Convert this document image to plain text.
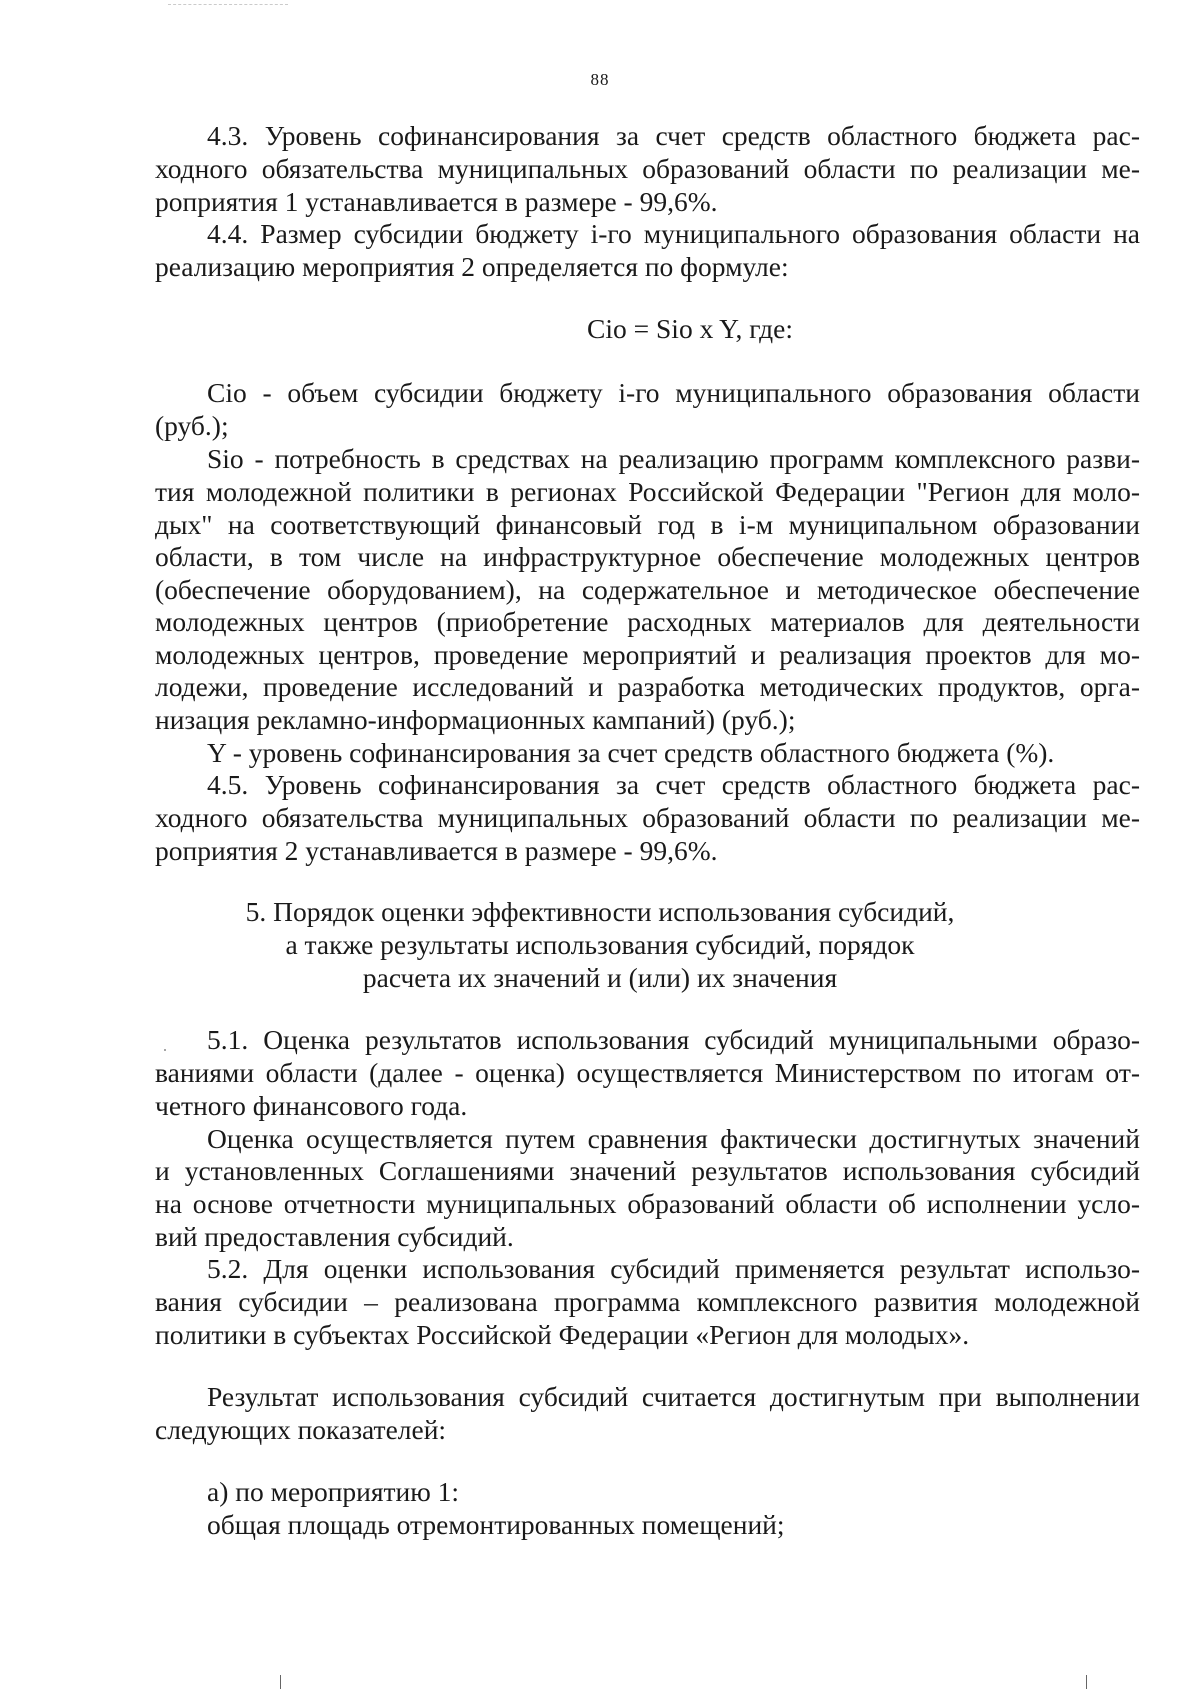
88
4.3. Уровень софинансирования за счет средств областного бюджета рас-
ходного обязательства муниципальных образований области по реализации ме-
роприятия 1 устанавливается в размере - 99,6%.
4.4. Размер субсидии бюджету i-го муниципального образования области на
реализацию мероприятия 2 определяется по формуле:
Cio = Sio x Y, где:
Cio - объем субсидии бюджету i-го муниципального образования области
(руб.);
Sio - потребность в средствах на реализацию программ комплексного разви-
тия молодежной политики в регионах Российской Федерации "Регион для моло-
дых" на соответствующий финансовый год в i-м муниципальном образовании
области, в том числе на инфраструктурное обеспечение молодежных центров
(обеспечение оборудованием), на содержательное и методическое обеспечение
молодежных центров (приобретение расходных материалов для деятельности
молодежных центров, проведение мероприятий и реализация проектов для мо-
лодежи, проведение исследований и разработка методических продуктов, орга-
низация рекламно-информационных кампаний) (руб.);
Y - уровень софинансирования за счет средств областного бюджета (%).
4.5. Уровень софинансирования за счет средств областного бюджета рас-
ходного обязательства муниципальных образований области по реализации ме-
роприятия 2 устанавливается в размере - 99,6%.
5. Порядок оценки эффективности использования субсидий,
а также результаты использования субсидий, порядок
расчета их значений и (или) их значения
5.1. Оценка результатов использования субсидий муниципальными образо-
ваниями области (далее - оценка) осуществляется Министерством по итогам от-
четного финансового года.
Оценка осуществляется путем сравнения фактически достигнутых значений
и установленных Соглашениями значений результатов использования субсидий
на основе отчетности муниципальных образований области об исполнении усло-
вий предоставления субсидий.
5.2. Для оценки использования субсидий применяется результат использо-
вания субсидии – реализована программа комплексного развития молодежной
политики в субъектах Российской Федерации «Регион для молодых».
Результат использования субсидий считается достигнутым при выполнении
следующих показателей:
а) по мероприятию 1:
общая площадь отремонтированных помещений;
